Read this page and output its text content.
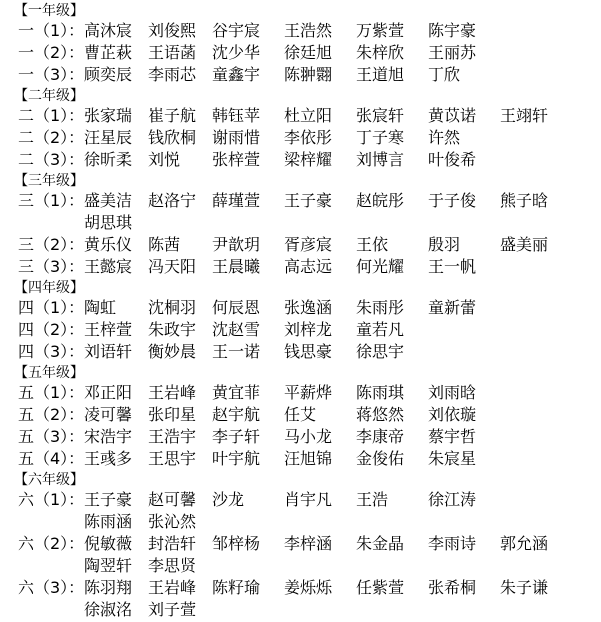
【一年级】
一（1）： 高沐宸 刘俊熙 谷宇宸 王浩然 万紫萱 陈宇豪
一（2）： 曹芷萩 王语菡 沈少华 徐廷旭 朱梓欣 王丽苏
一（3）： 顾奕辰 李雨芯 童鑫宇 陈翀翾 王道旭 丁欣
【二年级】
二（1）： 张家瑞 崔子航 韩钰苹 杜立阳 张宸轩 黄苡诺 王翊轩
二（2）： 汪星辰 钱欣桐 谢雨惜 李依彤 丁子寒 许然
二（3）： 徐昕柔 刘悦 张梓萱 梁梓耀 刘博言 叶俊希
【三年级】
三（1）： 盛美洁 赵洛宁 薛瑾萱 王子豪 赵皖彤 于子俊 熊子晗
胡思琪
三（2）： 黄乐仪 陈茜 尹歆玥 胥彦宸 王依 殷羽 盛美丽
三（3）： 王懿宸 冯天阳 王晨曦 高志远 何光耀 王一帆
【四年级】
四（1）： 陶虹 沈桐羽 何辰恩 张逸涵 朱雨彤 童新蕾
四（2）： 王梓萱 朱政宇 沈赵雪 刘梓龙 童若凡
四（3）： 刘语轩 衡妙晨 王一诺 钱思豪 徐思宇
【五年级】
五（1）： 邓正阳 王岩峰 黄宜菲 平薪烨 陈雨琪 刘雨晗
五（2）： 凌可馨 张印星 赵宇航 任艾 蒋悠然 刘依璇
五（3）： 宋浩宇 王浩宇 李子轩 马小龙 李康帝 蔡宇哲
五（4）： 王彧多 王思宇 叶宇航 汪旭锦 金俊佑 朱宸星
【六年级】
六（1）： 王子豪 赵可馨 沙龙 肖宇凡 王浩 徐江涛
陈雨涵 张沁然
六（2）： 倪敏薇 封浩轩 邹梓杨 李梓涵 朱金晶 李雨诗 郭允涵
陶翌轩 李思贤
六（3）： 陈羽翔 王岩峰 陈籽瑜 姜烁烁 任紫萱 张希桐 朱子谦
徐淑洺 刘子萱
